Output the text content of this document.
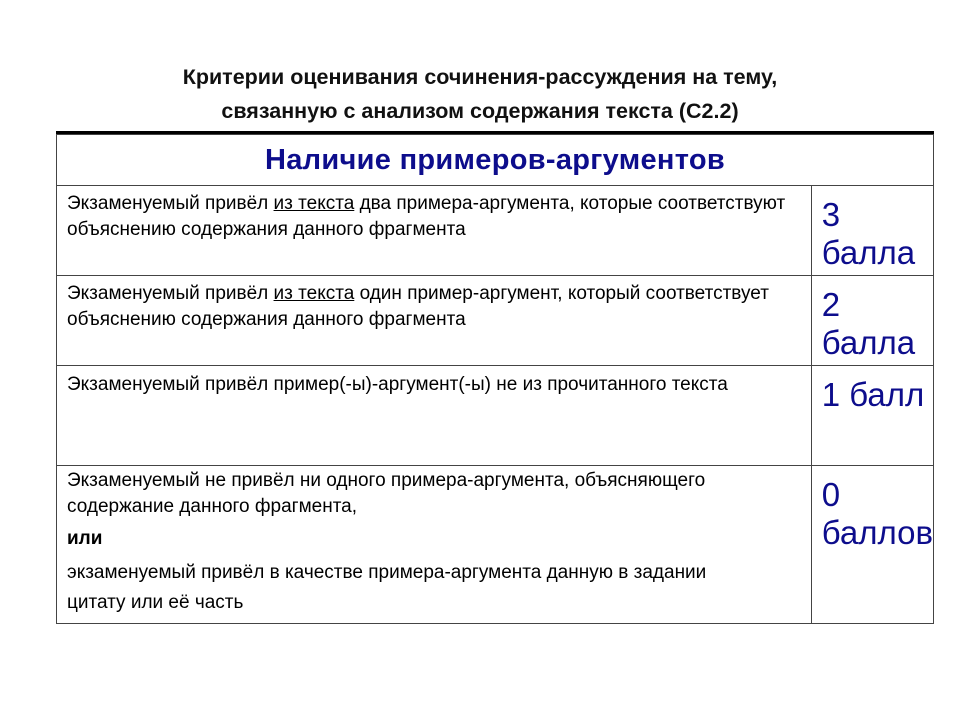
Критерии оценивания сочинения-рассуждения на тему,
связанную с анализом содержания текста (С2.2)
Наличие примеров-аргументов	
Экзаменуемый привёл из текста два примера-аргумента, которые соответствуют объяснению содержания данного фрагмента	3 балла
Экзаменуемый привёл из текста один пример-аргумент, который соответствует объяснению содержания данного фрагмента	2 балла
Экзаменуемый привёл пример(-ы)-аргумент(-ы) не из прочитанного текста	1 балл

Экзаменуемый не привёл ни одного примера-аргумента, объясняющего содержание данного фрагмента,
или
экзаменуемый привёл в качестве примера-аргумента данную в задании цитату или её часть	0 баллов
